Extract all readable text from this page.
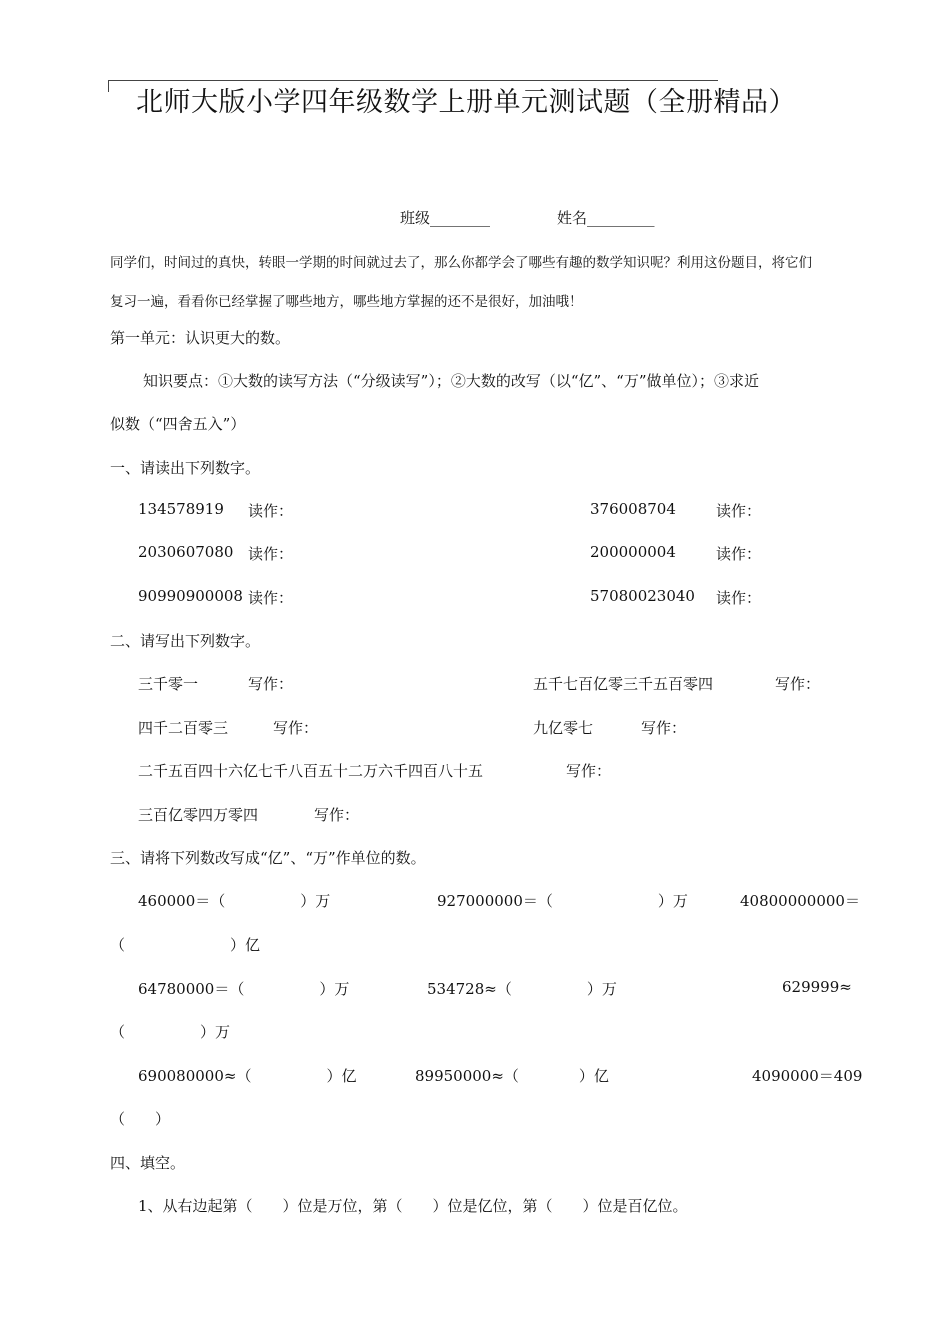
北师大版小学四年级数学上册单元测试题（全册精品）
班级________	姓名_________
同学们，时间过的真快，转眼一学期的时间就过去了，那么你都学会了哪些有趣的数学知识呢？利用这份题目，将它们
复习一遍，看看你已经掌握了哪些地方，哪些地方掌握的还不是很好，加油哦！
第一单元：认识更大的数。
知识要点：①大数的读写方法（“分级读写”）；②大数的改写（以“亿”、“万”做单位）；③求近
似数（“四舍五入”）
一、请读出下列数字。
134578919 读作：	376008704	读作：
2030607080 读作：	200000004	读作：
90990900008 读作：	57080023040 读作：
二、请写出下列数字。
三千零一	写作：	五千七百亿零三千五百零四	写作：
四千二百零三	写作：	九亿零七	写作：
二千五百四十六亿七千八百五十二万六千四百八十五	写作：
三百亿零四万零四	写作：
三、请将下列数改写成“亿”、“万”作单位的数。
460000＝（　　　　　）万	927000000＝（　　　　　　　）万	40800000000＝
（　　　　　　　）亿
64780000＝（　　　　　）万	534728≈（　　　　　）万	629999≈
（　　　　　）万
690080000≈（　　　　　）亿	89950000≈（　　　　）亿	4090000＝409
（　　）
四、填空。
1、从右边起第（　　）位是万位，第（　　）位是亿位，第（　　）位是百亿位。
